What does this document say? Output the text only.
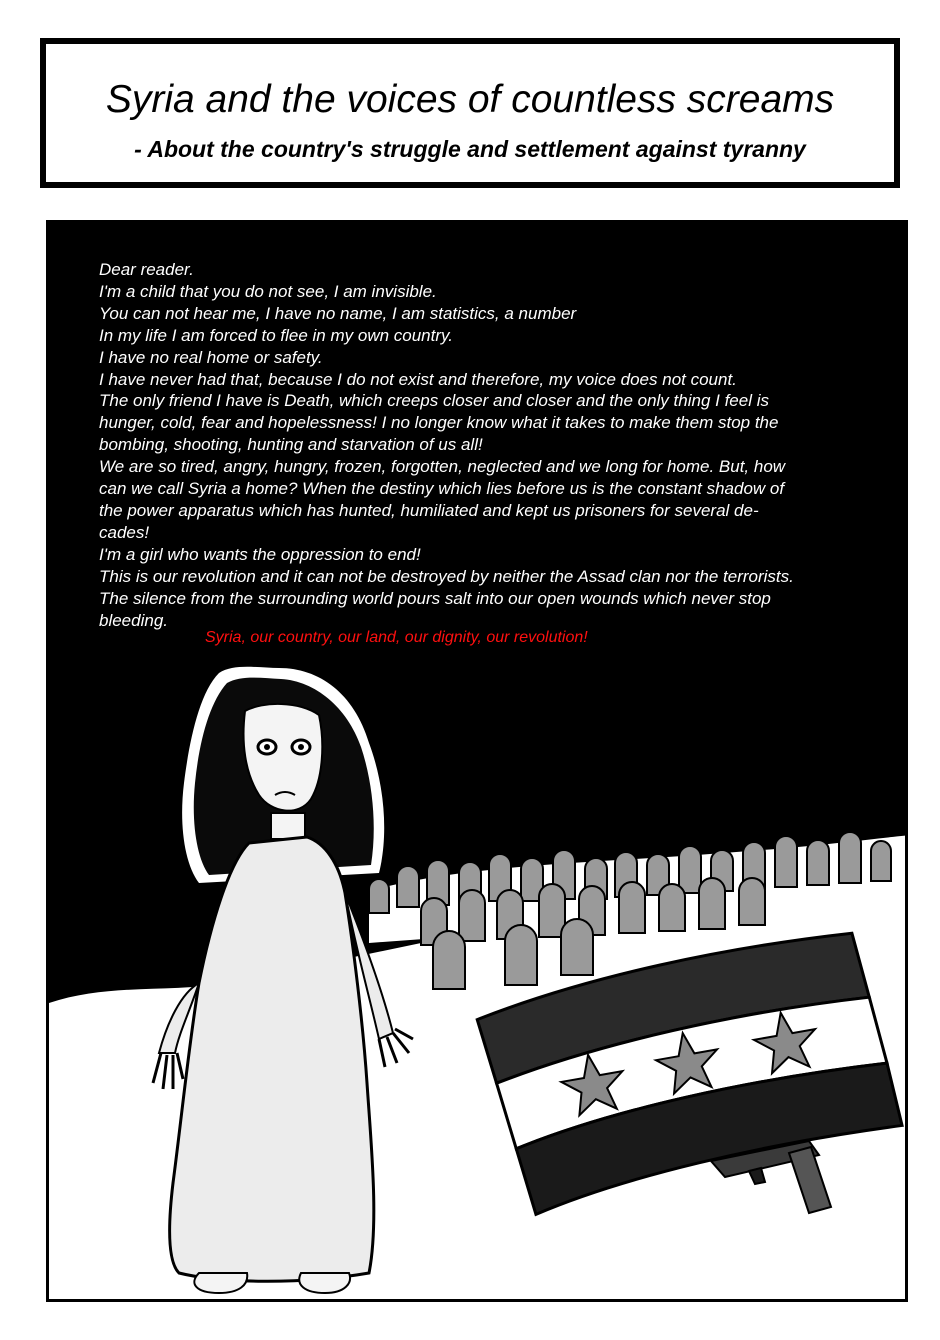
Syria and the voices of countless screams
- About the country's struggle and settlement against tyranny
Dear reader.
I'm a child that you do not see, I am invisible.
You can not hear me, I have no name, I am statistics, a number
In my life I am forced to flee in my own country.
I have no real home or safety.
I have never had that, because I do not exist and therefore, my voice does not count.
The only friend I have is Death, which creeps closer and closer and the only thing I feel is
hunger, cold, fear and hopelessness! I no longer know what it takes to make them stop the
bombing, shooting, hunting and starvation of us all!
We are so tired, angry, hungry, frozen, forgotten, neglected and we long for home. But, how
can we call Syria a home? When the destiny which lies before us is the constant shadow of
the power apparatus which has hunted, humiliated and kept us prisoners for several de-
cades!
I'm a girl who wants the oppression to end!
This is our revolution and it can not be destroyed by neither the Assad clan nor the terrorists.
The silence from the surrounding world pours salt into our open wounds which never stop
bleeding.
Syria, our country, our land, our dignity, our revolution!
